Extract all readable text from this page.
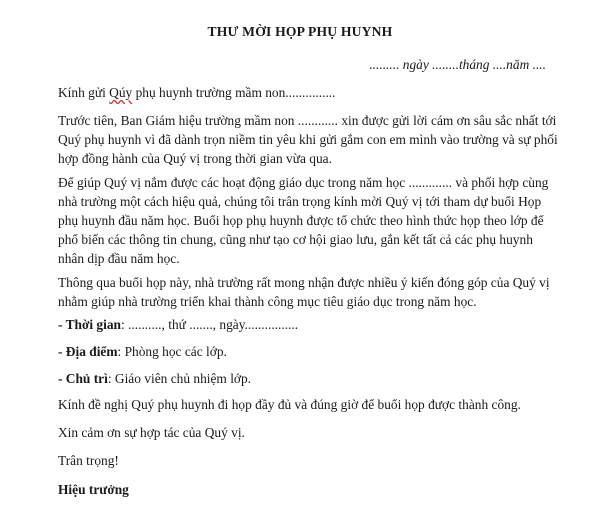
THƯ MỜI HỌP PHỤ HUYNH
......... ngày ........tháng ....năm ....
Kính gửi Qúy phụ huynh trường mầm non...............
Trước tiên, Ban Giám hiệu trường mầm non ............ xin được gửi lời cám ơn sâu sắc nhất tới
Quý phụ huynh vì đã dành trọn niềm tin yêu khi gửi gắm con em mình vào trường và sự phối
hợp đồng hành của Quý vị trong thời gian vừa qua.
Để giúp Quý vị nắm được các hoạt động giáo dục trong năm học ............. và phối hợp cùng
nhà trường một cách hiệu quả, chúng tôi trân trọng kính mời Quý vị tới tham dự buổi Họp
phụ huynh đầu năm học. Buổi họp phụ huynh được tổ chức theo hình thức họp theo lớp để
phổ biến các thông tin chung, cũng như tạo cơ hội giao lưu, gắn kết tất cả các phụ huynh
nhân dịp đầu năm học.
Thông qua buổi họp này, nhà trường rất mong nhận được nhiều ý kiến đóng góp của Quý vị
nhằm giúp nhà trường triển khai thành công mục tiêu giáo dục trong năm học.
- Thời gian: .........., thứ ......., ngày................
- Địa điểm: Phòng học các lớp.
- Chủ trì: Giáo viên chủ nhiệm lớp.
Kính đề nghị Quý phụ huynh đi họp đầy đủ và đúng giờ để buổi họp được thành công.
Xin cảm ơn sự hợp tác của Quý vị.
Trân trọng!
Hiệu trưởng
